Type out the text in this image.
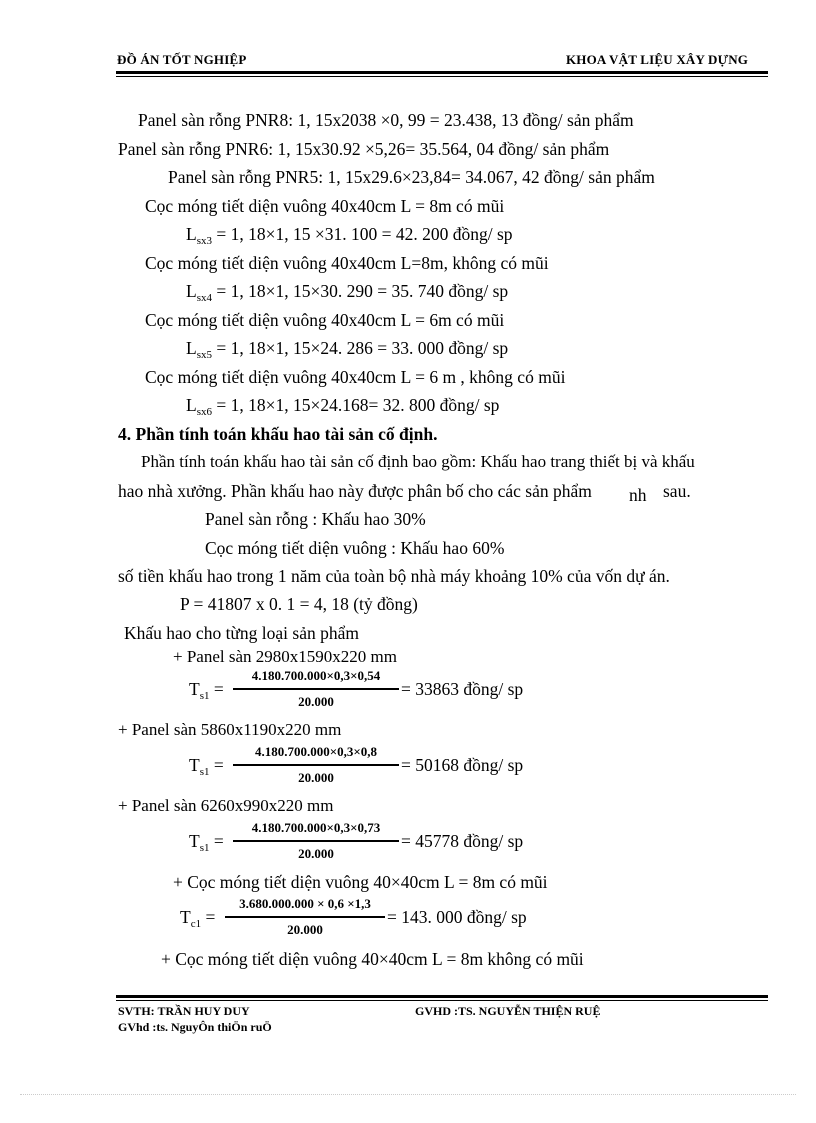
ĐỒ ÁN TỐT NGHIỆP	KHOA VẬT LIỆU XÂY DỰNG
Panel sàn rỗng PNR8: 1, 15x2038 ×0, 99 = 23.438, 13 đồng/ sản phẩm
Panel sàn rỗng PNR6: 1, 15x30.92 ×5,26= 35.564, 04 đồng/ sản phẩm
Panel sàn rỗng PNR5: 1, 15x29.6×23,84= 34.067, 42 đồng/ sản phẩm
Cọc móng tiết diện vuông 40x40cm L = 8m có mũi
$L_{sx3} = 1$, 18×1, 15 ×31. 100 = 42. 200 đồng/ sp
Cọc móng tiết diện vuông 40x40cm L=8m, không có mũi
$L_{sx4} = 1$, 18×1, 15×30. 290 = 35. 740 đồng/ sp
Cọc móng tiết diện vuông 40x40cm L = 6m có mũi
$L_{sx5} = 1$, 18×1, 15×24. 286 = 33. 000 đồng/ sp
Cọc móng tiết diện vuông 40x40cm L = 6 m , không có mũi
$L_{sx6} = 1$, 18×1, 15×24.168= 32. 800 đồng/ sp
4. Phần tính toán khấu hao tài sản cố định.
Phần tính toán khấu hao tài sản cố định bao gồm: Khấu hao trang thiết bị và khấu
hao nhà xưởng. Phần khấu hao này được phân bố cho các sản phẩm nh sau.
Panel sàn rỗng : Khấu hao 30%
Cọc móng tiết diện vuông : Khấu hao 60%
số tiền khấu hao trong 1 năm của toàn bộ nhà máy khoảng 10% của vốn dự án.
P = 41807 x 0. 1 = 4, 18 (tỷ đồng)
Khấu hao cho từng loại sản phẩm
+ Panel sàn 2980x1590x220 mm
$T_{s1}$ =
4.180.700.000×0,3×0,54
20.000
= 33863 đồng/ sp
+ Panel sàn 5860x1190x220 mm
$T_{s1}$ =
4.180.700.000×0,3×0,8
20.000
= 50168 đồng/ sp
+ Panel sàn 6260x990x220 mm
$T_{s1}$ =
4.180.700.000×0,3×0,73
20.000
= 45778 đồng/ sp
+ Cọc móng tiết diện vuông 40×40cm L = 8m có mũi
$T_{c1}$ =
3.680.000.000 × 0,6 ×1,3
20.000
= 143. 000 đồng/ sp
+ Cọc móng tiết diện vuông 40×40cm L = 8m không có mũi
SVTH: TRẦN HUY DUY	GVHD :TS. NGUYỄN THIỆN RUỆ
GVhd :ts. NguyÔn thiÖn ruÖ
